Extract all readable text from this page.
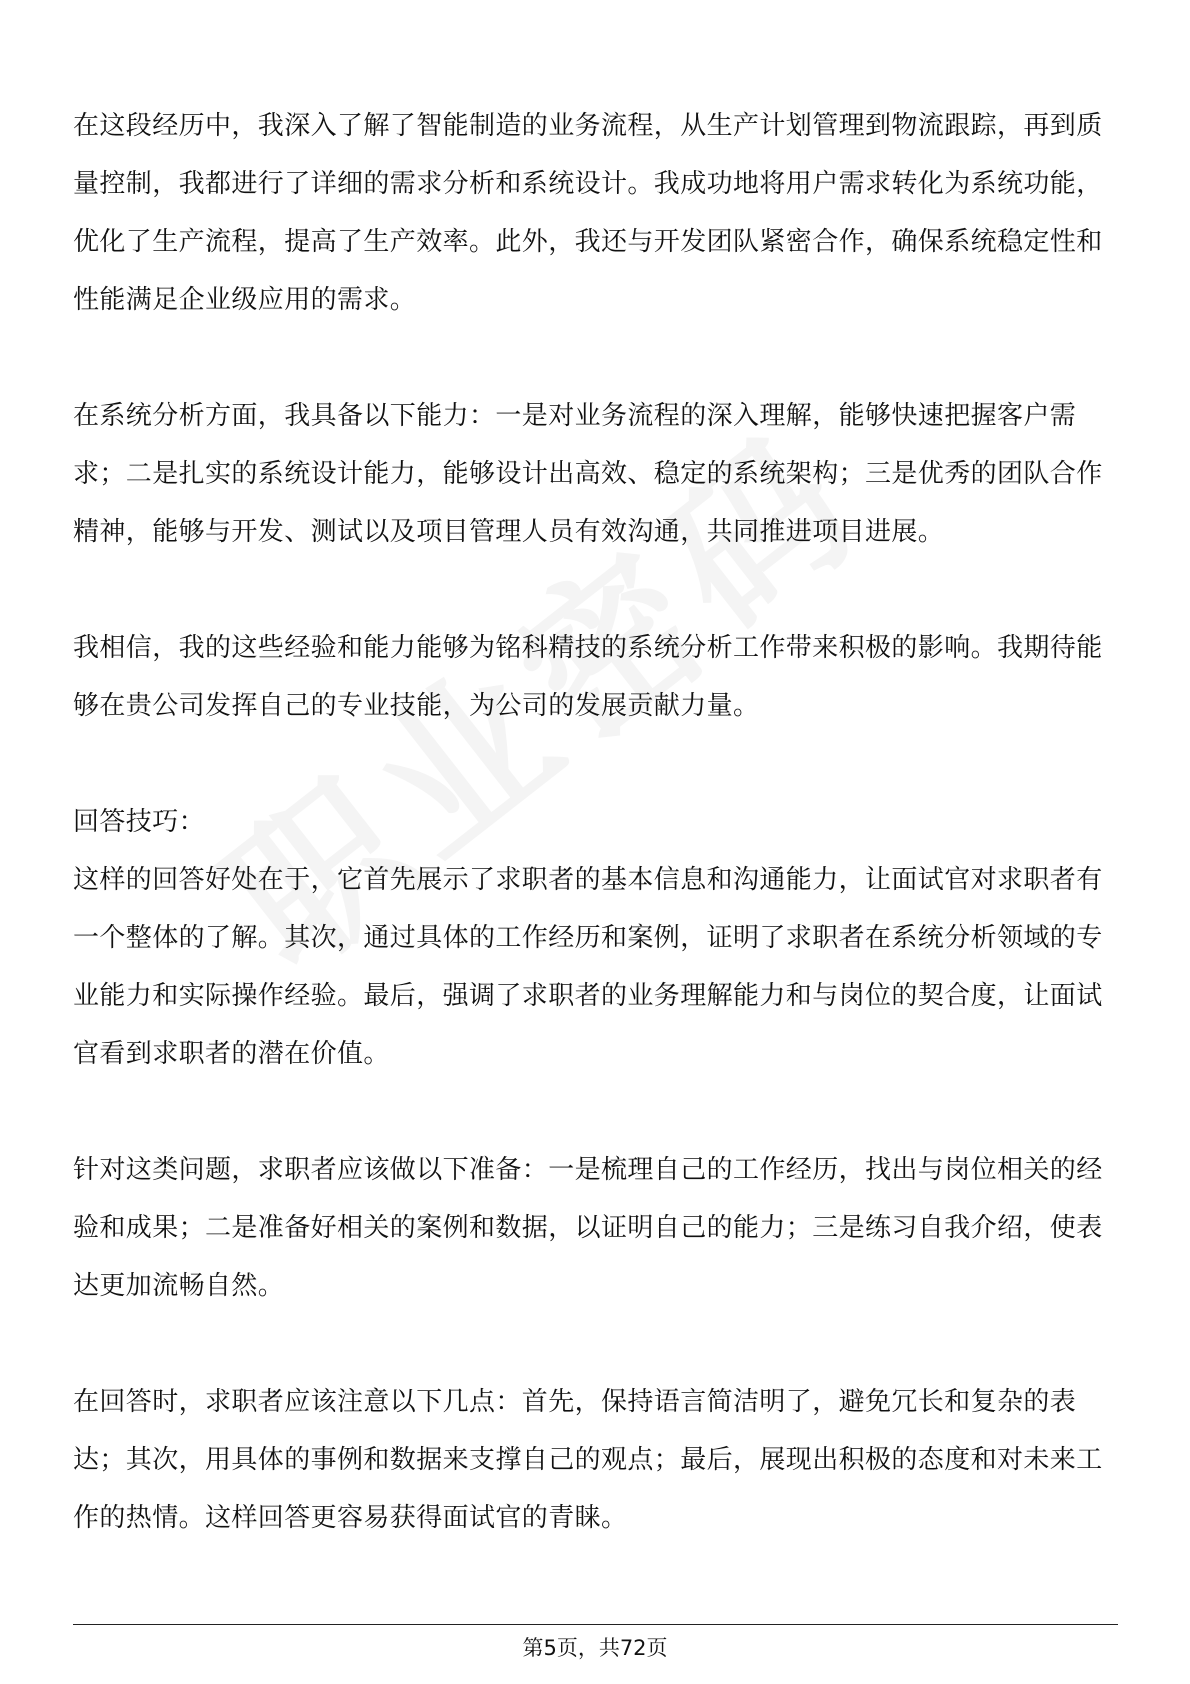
在这段经历中，我深入了解了智能制造的业务流程，从生产计划管理到物流跟踪，再到质量控制，我都进行了详细的需求分析和系统设计。我成功地将用户需求转化为系统功能，优化了生产流程，提高了生产效率。此外，我还与开发团队紧密合作，确保系统稳定性和性能满足企业级应用的需求。

在系统分析方面，我具备以下能力：一是对业务流程的深入理解，能够快速把握客户需求；二是扎实的系统设计能力，能够设计出高效、稳定的系统架构；三是优秀的团队合作精神，能够与开发、测试以及项目管理人员有效沟通，共同推进项目进展。

我相信，我的这些经验和能力能够为铭科精技的系统分析工作带来积极的影响。我期待能够在贵公司发挥自己的专业技能，为公司的发展贡献力量。

回答技巧：

这样的回答好处在于，它首先展示了求职者的基本信息和沟通能力，让面试官对求职者有一个整体的了解。其次，通过具体的工作经历和案例，证明了求职者在系统分析领域的专业能力和实际操作经验。最后，强调了求职者的业务理解能力和与岗位的契合度，让面试官看到求职者的潜在价值。

针对这类问题，求职者应该做以下准备：一是梳理自己的工作经历，找出与岗位相关的经验和成果；二是准备好相关的案例和数据，以证明自己的能力；三是练习自我介绍，使表达更加流畅自然。

在回答时，求职者应该注意以下几点：首先，保持语言简洁明了，避免冗长和复杂的表达；其次，用具体的事例和数据来支撑自己的观点；最后，展现出积极的态度和对未来工作的热情。这样回答更容易获得面试官的青睐。

第5页，共72页
